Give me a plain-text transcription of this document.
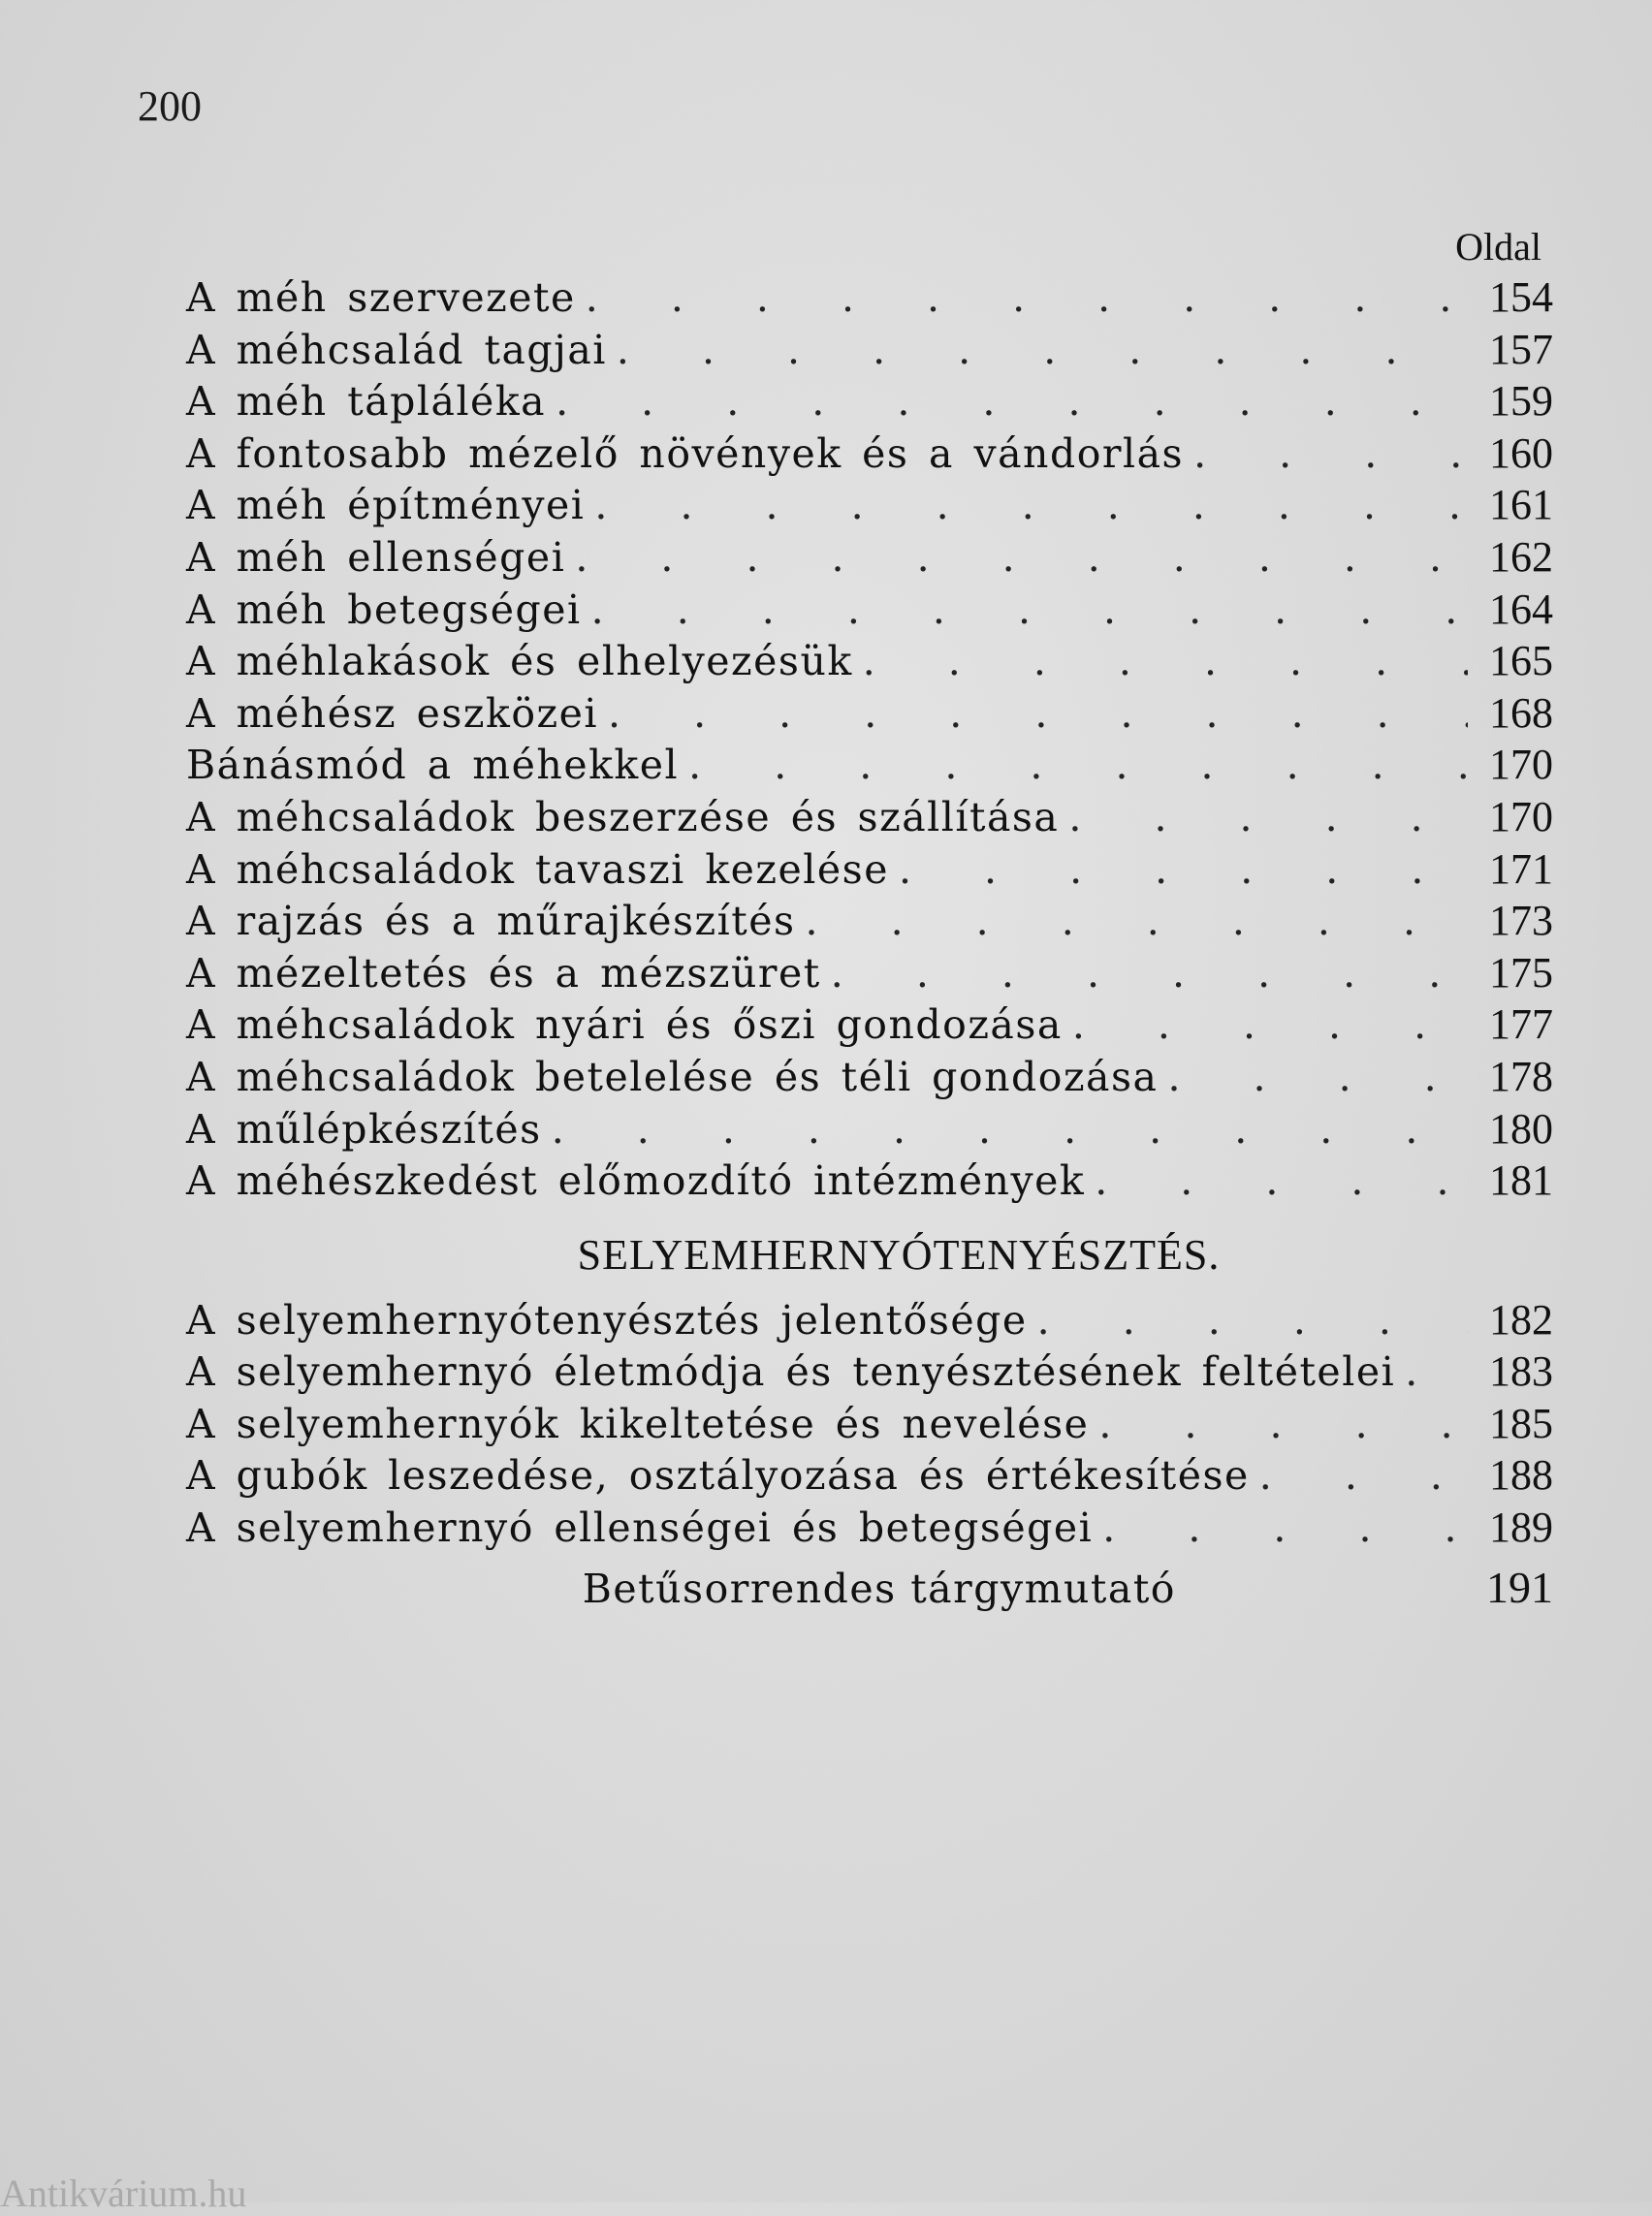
200
Oldal
A méh szervezete . . .	154
A méhcsalád tagjai . . .	157
A méh tápláléka . . .	159
A fontosabb mézelő növények és a vándorlás . . .	160
A méh építményei . . .	161
A méh ellenségei . . .	162
A méh betegségei . . .	164
A méhlakások és elhelyezésük . . .	165
A méhész eszközei . . .	168
Bánásmód a méhekkel . . .	170
A méhcsaládok beszerzése és szállítása . . .	170
A méhcsaládok tavaszi kezelése . . .	171
A rajzás és a műrajkészítés . . .	173
A mézeltetés és a mézszüret . . .	175
A méhcsaládok nyári és őszi gondozása . . .	177
A méhcsaládok betelelése és téli gondozása . . .	178
A műlépkészítés . . .	180
A méhészkedést előmozdító intézmények . . .	181
SELYEMHERNYÓTENYÉSZTÉS.
A selyemhernyótenyésztés jelentősége . . .	182
A selyemhernyó életmódja és tenyésztésének feltételei . . . 183
A selyemhernyók kikeltetése és nevelése . . .	185
A gubók leszedése, osztályozása és értékesítése . . .	188
A selyemhernyó ellenségei és betegségei . . .	189
Betűsorrendes tárgymutató	191
Antikvárium.hu
